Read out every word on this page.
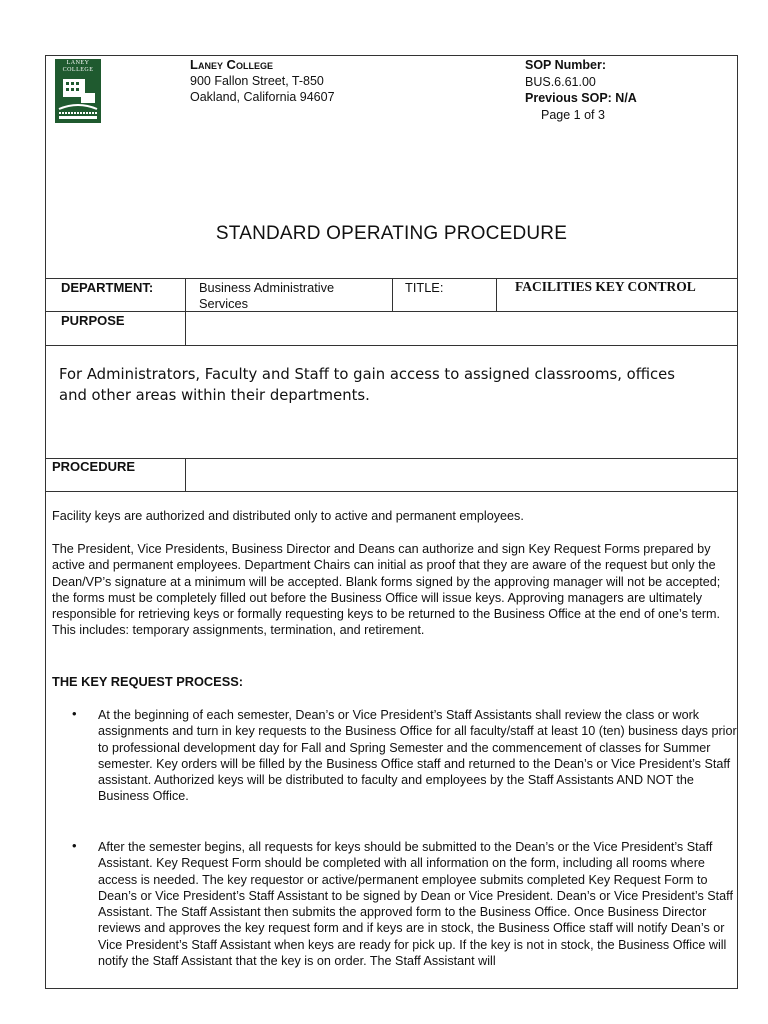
LANEY
COLLEGE	Laney College
900 Fallon Street, T-850
Oakland, California 94607
SOP Number:
BUS.6.61.00
Previous SOP: N/A
Page 1 of 3
STANDARD OPERATING PROCEDURE
DEPARTMENT:	Business Administrative Services
TITLE:	FACILITIES KEY CONTROL
PURPOSE
For Administrators, Faculty and Staff to gain access to assigned classrooms, offices and other areas within their departments.
PROCEDURE

Facility keys are authorized and distributed only to active and permanent employees.

The President, Vice Presidents, Business Director and Deans can authorize and sign Key Request Forms prepared by active and permanent employees. Department Chairs can initial as proof that they are aware of the request but only the Dean/VP’s signature at a minimum will be accepted. Blank forms signed by the approving manager will not be accepted; the forms must be completely filled out before the Business Office will issue keys. Approving managers are ultimately responsible for retrieving keys or formally requesting keys to be returned to the Business Office at the end of one’s term. This includes: temporary assignments, termination, and retirement.

THE KEY REQUEST PROCESS:
• At the beginning of each semester, Dean’s or Vice President’s Staff Assistants shall review the class or work assignments and turn in key requests to the Business Office for all faculty/staff at least 10 (ten) business days prior to professional development day for Fall and Spring Semester and the commencement of classes for Summer semester. Key orders will be filled by the Business Office staff and returned to the Dean’s or Vice President’s Staff assistant. Authorized keys will be distributed to faculty and employees by the Staff Assistants AND NOT the Business Office.
• After the semester begins, all requests for keys should be submitted to the Dean’s or the Vice President’s Staff Assistant. Key Request Form should be completed with all information on the form, including all rooms where access is needed. The key requestor or active/permanent employee submits completed Key Request Form to Dean’s or Vice President’s Staff Assistant to be signed by Dean or Vice President. Dean’s or Vice President’s Staff Assistant. The Staff Assistant then submits the approved form to the Business Office. Once Business Director reviews and approves the key request form and if keys are in stock, the Business Office staff will notify Dean’s or Vice President’s Staff Assistant when keys are ready for pick up. If the key is not in stock, the Business Office will notify the Staff Assistant that the key is on order. The Staff Assistant will
